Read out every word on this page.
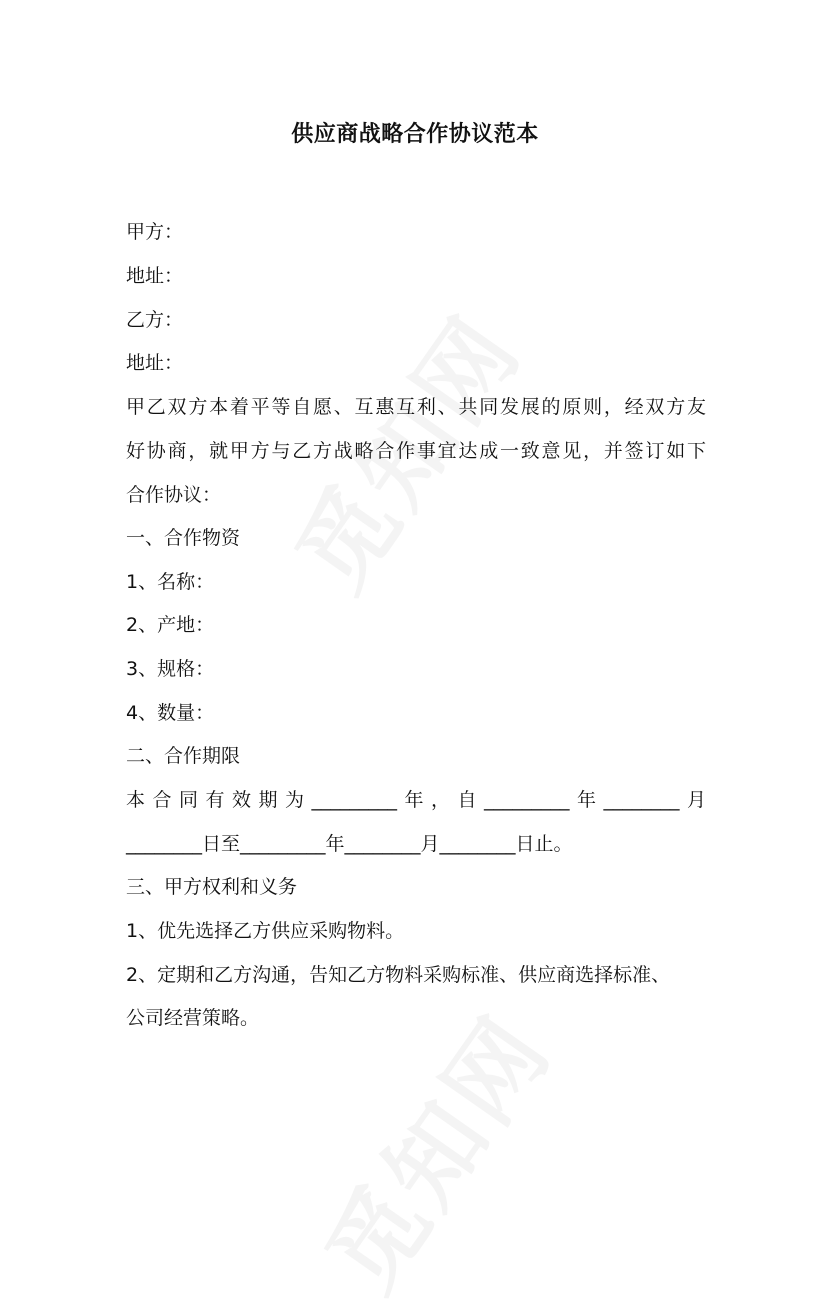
供应商战略合作协议范本
甲方：
地址：
乙方：
地址：
甲乙双方本着平等自愿、互惠互利、共同发展的原则，经双方友
好协商，就甲方与乙方战略合作事宜达成一致意见，并签订如下
合作协议：
一、合作物资
1、名称：
2、产地：
3、规格：
4、数量：
二、合作期限
本合同有效期为_________年，自_________年________月
________日至_________年________月________日止。
三、甲方权利和义务
1、优先选择乙方供应采购物料。
2、定期和乙方沟通，告知乙方物料采购标准、供应商选择标准、
公司经营策略。
